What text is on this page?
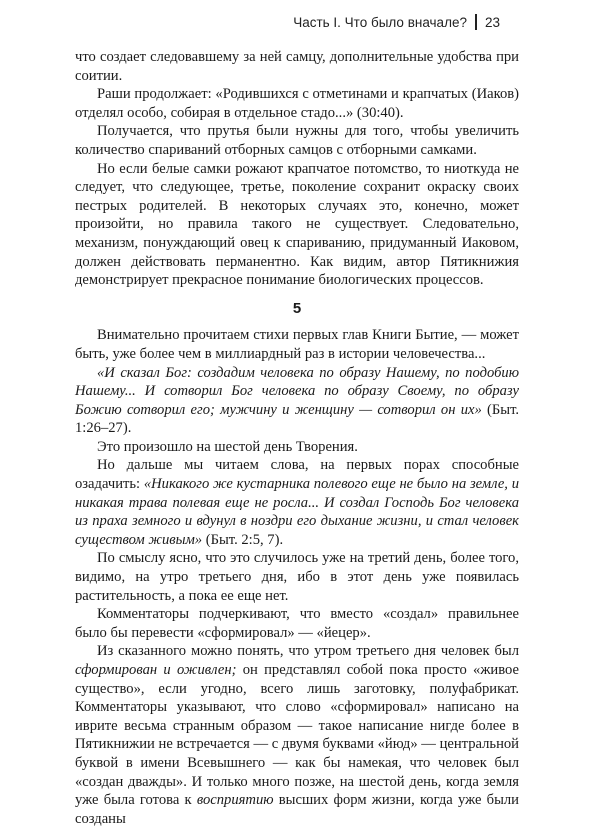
Часть I. Что было вначале? 23

что создает следовавшему за ней самцу, дополнительные удобства при соитии.

Раши продолжает: «Родившихся с отметинами и крапчатых (Иаков) отделял особо, собирая в отдельное стадо...» (30:40).

Получается, что прутья были нужны для того, чтобы увеличить количество спариваний отборных самцов с отборными самками.

Но если белые самки рожают крапчатое потомство, то ниоткуда не следует, что следующее, третье, поколение сохранит окраску своих пестрых родителей. В некоторых случаях это, конечно, может произойти, но правила такого не существует. Следовательно, механизм, понуждающий овец к спариванию, придуманный Иаковом, должен действовать перманентно. Как видим, автор Пятикнижия демонстрирует прекрасное понимание биологических процессов.

5

Внимательно прочитаем стихи первых глав Книги Бытие, — может быть, уже более чем в миллиардный раз в истории человечества...

«И сказал Бог: создадим человека по образу Нашему, по подобию Нашему... И сотворил Бог человека по образу Своему, по образу Божию сотворил его; мужчину и женщину — сотворил он их» (Быт. 1:26–27).

Это произошло на шестой день Творения.

Но дальше мы читаем слова, на первых порах способные озадачить: «Никакого же кустарника полевого еще не было на земле, и никакая трава полевая еще не росла... И создал Господь Бог человека из праха земного и вдунул в ноздри его дыхание жизни, и стал человек существом живым» (Быт. 2:5, 7).

По смыслу ясно, что это случилось уже на третий день, более того, видимо, на утро третьего дня, ибо в этот день уже появилась растительность, а пока ее еще нет.

Комментаторы подчеркивают, что вместо «создал» правильнее было бы перевести «сформировал» — «йецер».

Из сказанного можно понять, что утром третьего дня человек был сформирован и оживлен; он представлял собой пока просто «живое существо», если угодно, всего лишь заготовку, полуфабрикат. Комментаторы указывают, что слово «сформировал» написано на иврите весьма странным образом — такое написание нигде более в Пятикнижии не встречается — с двумя буквами «йюд» — центральной буквой в имени Всевышнего — как бы намекая, что человек был «создан дважды». И только много позже, на шестой день, когда земля уже была готова к восприятию высших форм жизни, когда уже были созданы
